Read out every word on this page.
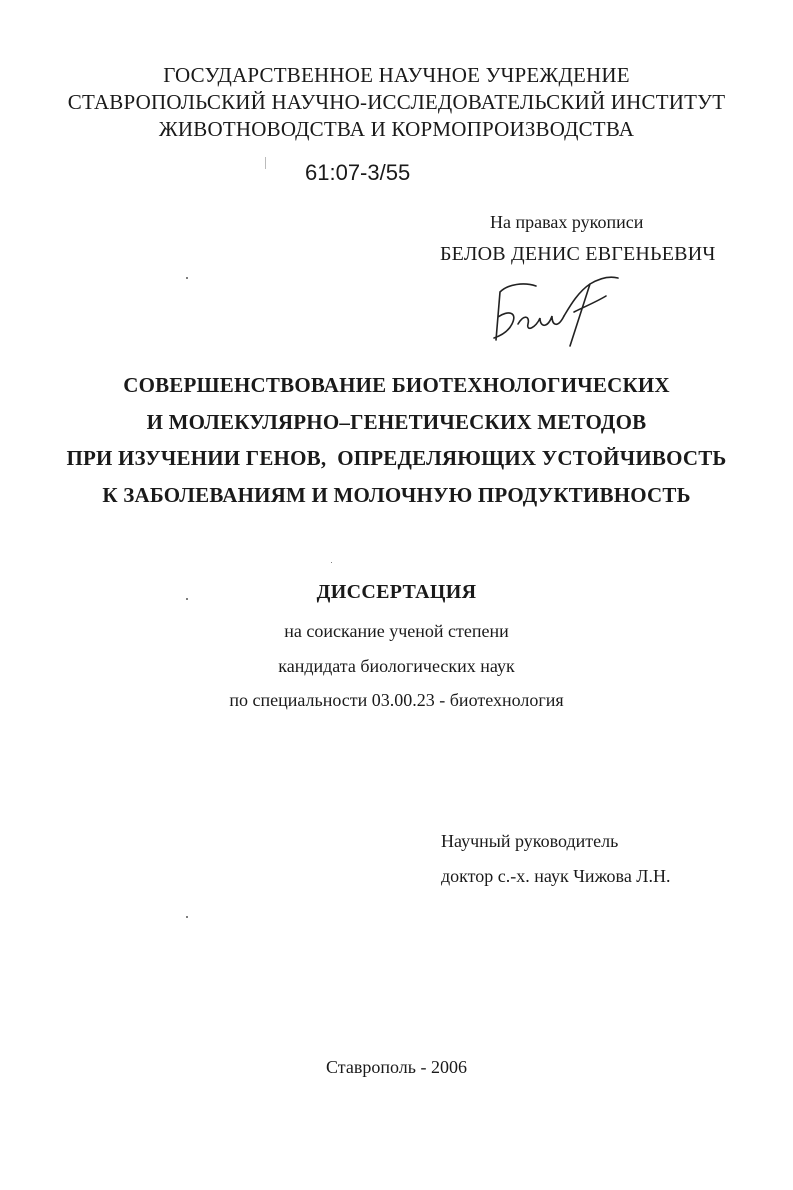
ГОСУДАРСТВЕННОЕ НАУЧНОЕ УЧРЕЖДЕНИЕ
СТАВРОПОЛЬСКИЙ НАУЧНО-ИССЛЕДОВАТЕЛЬСКИЙ ИНСТИТУТ
ЖИВОТНОВОДСТВА И КОРМОПРОИЗВОДСТВА
61:07-3/55
На правах рукописи
БЕЛОВ ДЕНИС ЕВГЕНЬЕВИЧ
СОВЕРШЕНСТВОВАНИЕ БИОТЕХНОЛОГИЧЕСКИХ
И МОЛЕКУЛЯРНО–ГЕНЕТИЧЕСКИХ МЕТОДОВ
ПРИ ИЗУЧЕНИИ ГЕНОВ,  ОПРЕДЕЛЯЮЩИХ УСТОЙЧИВОСТЬ
К ЗАБОЛЕВАНИЯМ И МОЛОЧНУЮ ПРОДУКТИВНОСТЬ
ДИССЕРТАЦИЯ
на соискание ученой степени
кандидата биологических наук
по специальности 03.00.23 - биотехнология
Научный руководитель
доктор с.-х. наук Чижова Л.Н.
Ставрополь - 2006
